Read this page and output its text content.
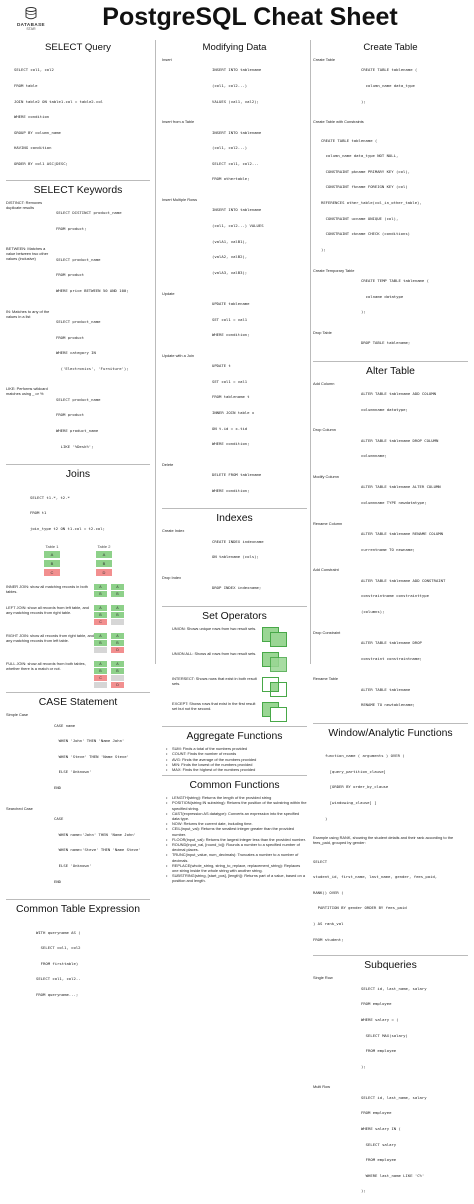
DATABASE
STAR	PostgreSQL Cheat Sheet
SELECT Query

SELECT col1, col2

FROM table

JOIN table2 ON table1.col = table2.col

WHERE condition

GROUP BY column_name

HAVING condition

ORDER BY col1 ASC|DESC;

SELECT Keywords
DISTINCT: Removes duplicate results

SELECT DISTINCT product_name

FROM product;

BETWEEN: Matches a value between two other values (inclusive)

	SELECT product_name

FROM product

WHERE price BETWEEN 50 AND 100;

IN: Matches to any of the values in a list

SELECT product_name

FROM product

WHERE category IN

('Electronics', 'Furniture');

LIKE: Performs wildcard matches using _ or %

SELECT product_name

FROM product

WHERE product_name

LIKE '%Desk%';

Joins

SELECT t1.*, t2.*

FROM t1

join_type t2 ON t1.col = t2.col;

Table 1	Table 2
A
B
C
A
B
D
INNER JOIN: show all matching records in both tables.
A
B
A
B
LEFT JOIN: show all records from left table, and any matching records from right table.
A
B
C
A
B
RIGHT JOIN: show all records from right table, and any matching records from left table.
A
B
A
B
D
FULL JOIN: show all records from both tables, whether there is a match or not.
A
B
C
A
B
D
CASE Statement
Simple Case

CASE name

WHEN 'John' THEN 'Name John'

WHEN 'Steve' THEN 'Name Steve'

ELSE 'Unknown'

END

Searched Case

CASE

WHEN name='John' THEN 'Name John'

WHEN name='Steve' THEN 'Name Steve'

ELSE 'Unknown'

END

Common Table Expression

WITH queryname AS (

SELECT col1, col2

FROM firsttable)

SELECT col1, col2..

FROM queryname...;

Modifying Data
Insert

INSERT INTO tablename

(col1, col2...)

VALUES (val1, val2);

Insert from a Table

INSERT INTO tablename

(col1, col2...)

SELECT col1, col2...

FROM othertable;

Insert Multiple Rows

INSERT INTO tablename

(col1, col2...) VALUES

(valA1, valB1),

(valA2, valB2),

(valA3, valB3);

Update

UPDATE tablename

SET col1 = val1

WHERE condition;

Update with a Join

UPDATE t

SET col1 = val1

FROM tablename t

INNER JOIN table x

ON t.id = x.tid

WHERE condition;

Delete

DELETE FROM tablename

WHERE condition;

Indexes
Create Index

CREATE INDEX indexname

ON tablename (cols);

Drop Index

DROP INDEX indexname;

Set Operators
UNION: Shows unique rows from two result sets.
UNION ALL: Shows all rows from two result sets.
INTERSECT: Shows rows that exist in both result sets.
EXCEPT: Shows rows that exist in the first result set but not the second.
Aggregate Functions
• SUM: Finds a total of the numbers provided
• COUNT: Finds the number of records
• AVG: Finds the average of the numbers provided
• MIN: Finds the lowest of the numbers provided
• MAX: Finds the highest of the numbers provided
Common Functions
• LENGTH(string): Returns the length of the provided string
• POSITION(string IN substring): Returns the position of the substring within the specified string.
• CAST(expression AS datatype): Converts an expression into the specified data type.
• NOW: Returns the current date, including time.
• CEIL(input_val): Returns the smallest integer greater than the provided number.
• FLOOR(input_val): Returns the largest integer less than the provided number.
• ROUND(input_val, [round_to]): Rounds a number to a specified number of decimal places.
• TRUNC(input_value, num_decimals): Truncates a number to a number of decimals.
• REPLACE(whole_string, string_to_replace, replacement_string): Replaces one string inside the whole string with another string.
• SUBSTRING(string, [start_pos], [length]): Returns part of a value, based on a position and length.
Create Table
Create Table

CREATE TABLE tablename (

column_name data_type

);

Create Table with Constraints

CREATE TABLE tablename (

column_name data_type NOT NULL,

CONSTRAINT pkname PRIMARY KEY (col),

CONSTRAINT fkname FOREIGN KEY (col)

REFERENCES other_table(col_in_other_table),

CONSTRAINT ucname UNIQUE (col),

CONSTRAINT ckname CHECK (conditions)

);

Create Temporary Table

CREATE TEMP TABLE tablename (

colname datatype

);

Drop Table

DROP TABLE tablename;

Alter Table
Add Column

ALTER TABLE tablename ADD COLUMN

columnname datatype;

Drop Column

ALTER TABLE tablename DROP COLUMN

columnname;

Modify Column

ALTER TABLE tablename ALTER COLUMN

columnname TYPE newdatatype;

Rename Column

ALTER TABLE tablename RENAME COLUMN

currentname TO newname;

Add Constraint

ALTER TABLE tablename ADD CONSTRAINT

constraintname constrainttype

(columns);

Drop Constraint

ALTER TABLE tablename DROP

constraint constraintname;

Rename Table

ALTER TABLE tablename

RENAME TO newtablename;

Window/Analytic Functions

function_name ( arguments ) OVER (

[query_partition_clause]

[ORDER BY order_by_clause

[windowing_clause] ]

)

Example using RANK, showing the student details and their rank according to the fees_paid, grouped by gender:

SELECT

student_id, first_name, last_name, gender, fees_paid,

RANK() OVER (

PARTITION BY gender ORDER BY fees_paid

) AS rank_val

FROM student;

Subqueries
Single Row

SELECT id, last_name, salary

FROM employee

WHERE salary = (

SELECT MAX(salary)

FROM employee

);

Multi Row

SELECT id, last_name, salary

FROM employee

WHERE salary IN (

SELECT salary

FROM employee

WHERE last_name LIKE 'C%'

);
